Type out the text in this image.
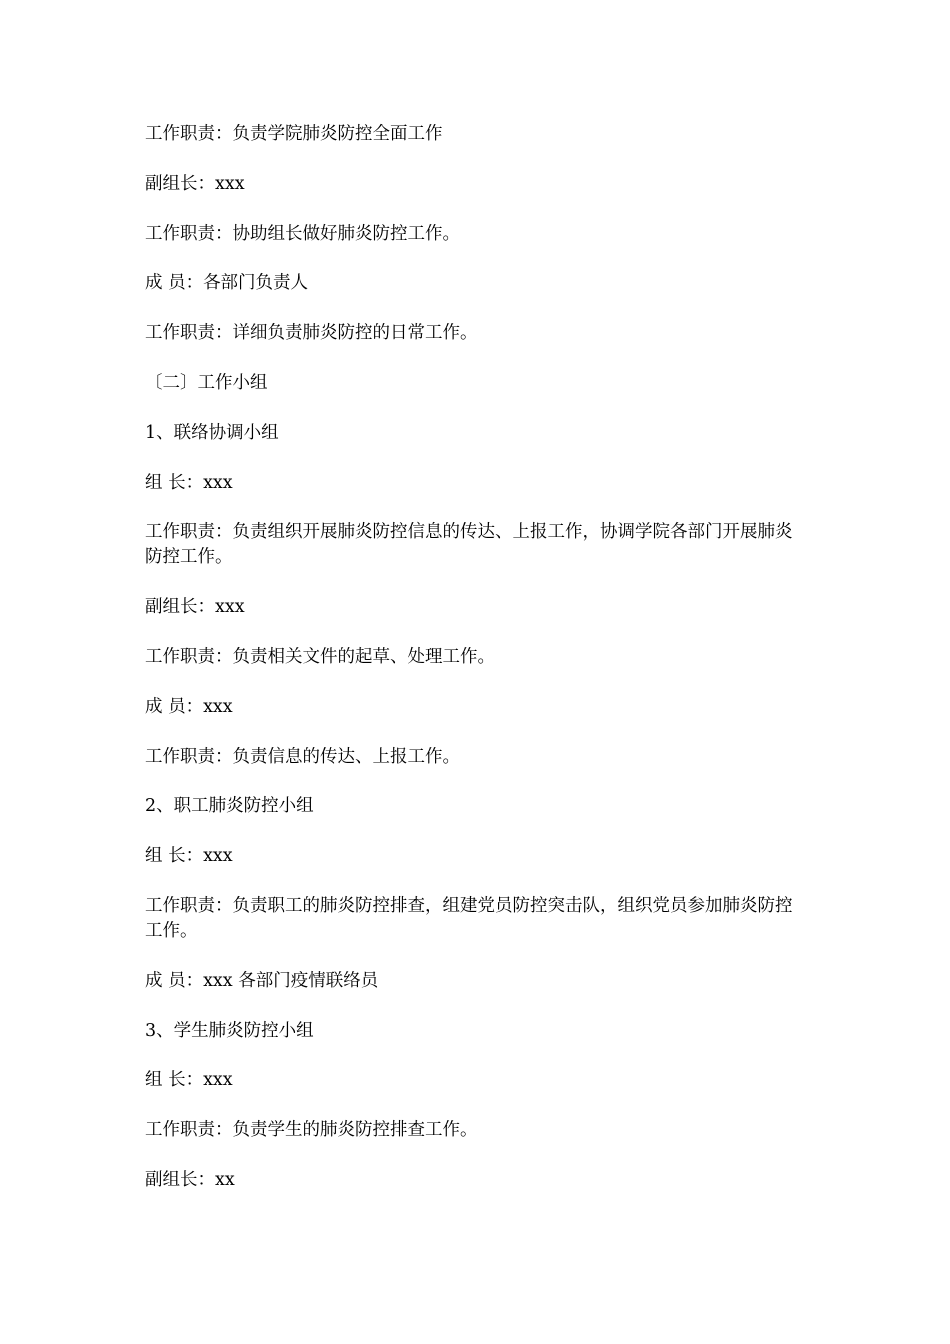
工作职责：负责学院肺炎防控全面工作

副组长：xxx

工作职责：协助组长做好肺炎防控工作。

成 员：各部门负责人

工作职责：详细负责肺炎防控的日常工作。

〔二〕工作小组

1、联络协调小组

组 长：xxx

工作职责：负责组织开展肺炎防控信息的传达、上报工作，协调学院各部门开展肺炎防控工作。

副组长：xxx

工作职责：负责相关文件的起草、处理工作。

成 员：xxx

工作职责：负责信息的传达、上报工作。

2、职工肺炎防控小组

组 长：xxx

工作职责：负责职工的肺炎防控排查，组建党员防控突击队，组织党员参加肺炎防控工作。

成 员：xxx 各部门疫情联络员

3、学生肺炎防控小组

组 长：xxx

工作职责：负责学生的肺炎防控排查工作。

副组长：xx
